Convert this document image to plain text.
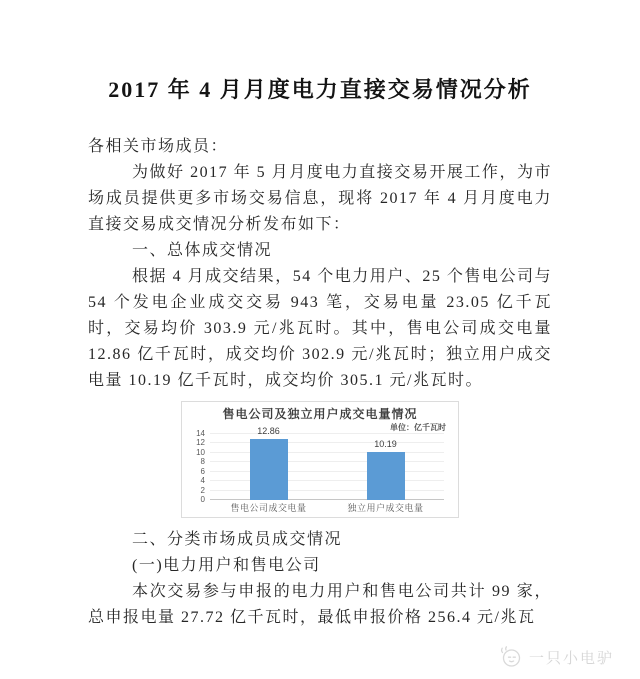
2017 年 4 月月度电力直接交易情况分析

各相关市场成员：

为做好 2017 年 5 月月度电力直接交易开展工作，为市场成员提供更多市场交易信息，现将 2017 年 4 月月度电力直接交易成交情况分析发布如下：

一、总体成交情况

根据 4 月成交结果，54 个电力用户、25 个售电公司与 54 个发电企业成交交易 943 笔，交易电量 23.05 亿千瓦时，交易均价 303.9 元/兆瓦时。其中，售电公司成交电量 12.86 亿千瓦时，成交均价 302.9 元/兆瓦时；独立用户成交电量 10.19 亿千瓦时，成交均价 305.1 元/兆瓦时。

售电公司及独立用户成交电量情况
单位：亿千瓦时
0
2
4
6
8
10
12
14	12.86
10.19
售电公司成交电量	独立用户成交电量

二、分类市场成员成交情况

(一)电力用户和售电公司

本次交易参与申报的电力用户和售电公司共计 99 家，总申报电量 27.72 亿千瓦时，最低申报价格 256.4 元/兆瓦

一只小电驴
